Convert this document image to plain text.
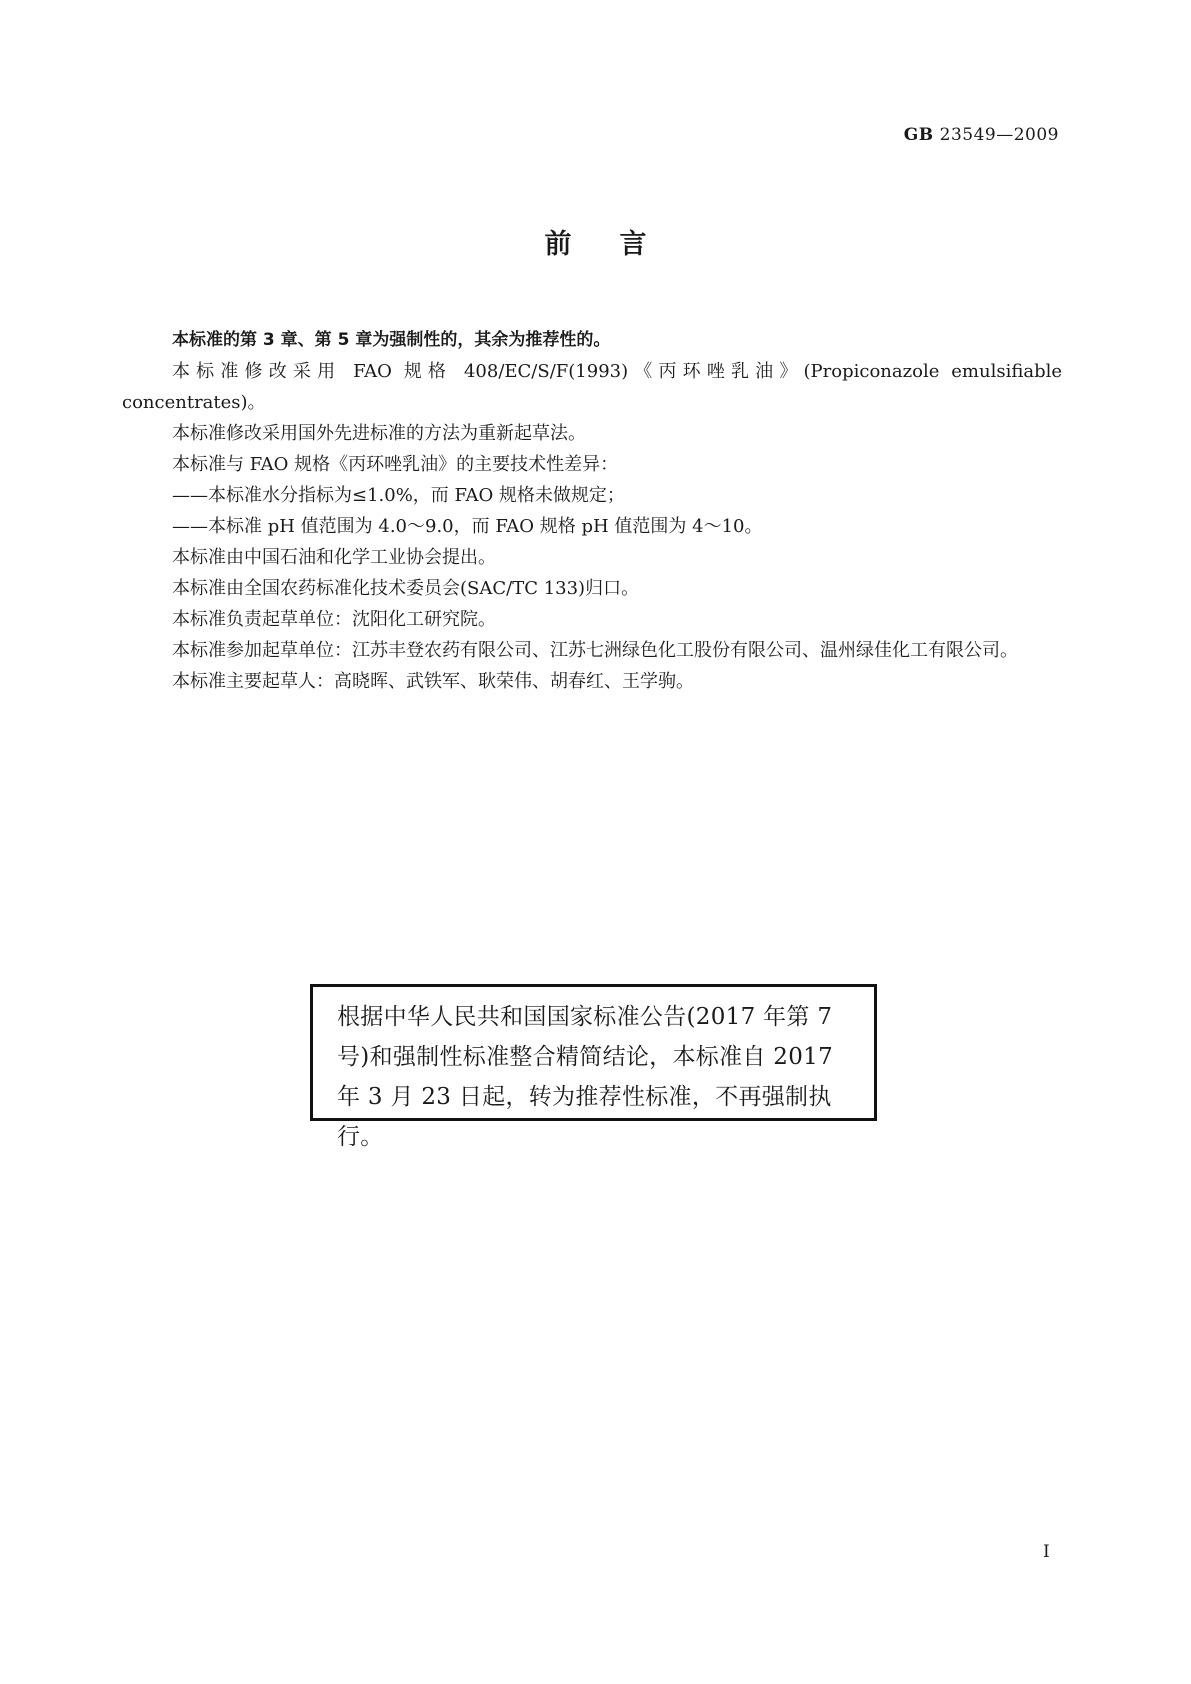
GB 23549—2009
前言

本标准的第 3 章、第 5 章为强制性的，其余为推荐性的。

本标准修改采用 FAO 规格 408/EC/S/F(1993)《丙环唑乳油》(Propiconazole emulsifiable concentrates)。

本标准修改采用国外先进标准的方法为重新起草法。

本标准与 FAO 规格《丙环唑乳油》的主要技术性差异：

——本标准水分指标为≤1.0%，而 FAO 规格未做规定；

——本标准 pH 值范围为 4.0～9.0，而 FAO 规格 pH 值范围为 4～10。

本标准由中国石油和化学工业协会提出。

本标准由全国农药标准化技术委员会(SAC/TC 133)归口。

本标准负责起草单位：沈阳化工研究院。

本标准参加起草单位：江苏丰登农药有限公司、江苏七洲绿色化工股份有限公司、温州绿佳化工有限公司。

本标准主要起草人：高晓晖、武铁军、耿荣伟、胡春红、王学驹。

根据中华人民共和国国家标准公告(2017 年第 7 号)和强制性标准整合精简结论，本标准自 2017 年 3 月 23 日起，转为推荐性标准，不再强制执行。
I
